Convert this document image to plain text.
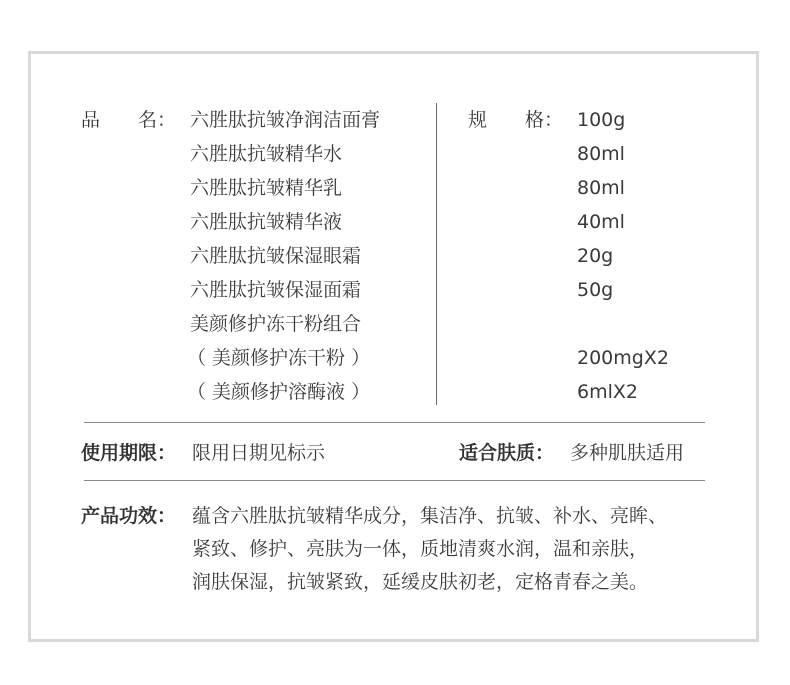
品　　名： 六胜肽抗皱净润洁面膏
六胜肽抗皱精华水
六胜肽抗皱精华乳
六胜肽抗皱精华液
六胜肽抗皱保湿眼霜
六胜肽抗皱保湿面霜
美颜修护冻干粉组合
（ 美颜修护冻干粉 ）
（ 美颜修护溶酶液 ）
规　　格： 100g
80ml
80ml
40ml
20g
50g
200mgX2
6mlX2
使用期限： 限用日期见标示	适合肤质： 多种肌肤适用
产品功效： 蕴含六胜肽抗皱精华成分，集洁净、抗皱、补水、亮眸、
紧致、修护、亮肤为一体，质地清爽水润，温和亲肤，
润肤保湿，抗皱紧致，延缓皮肤初老，定格青春之美。
